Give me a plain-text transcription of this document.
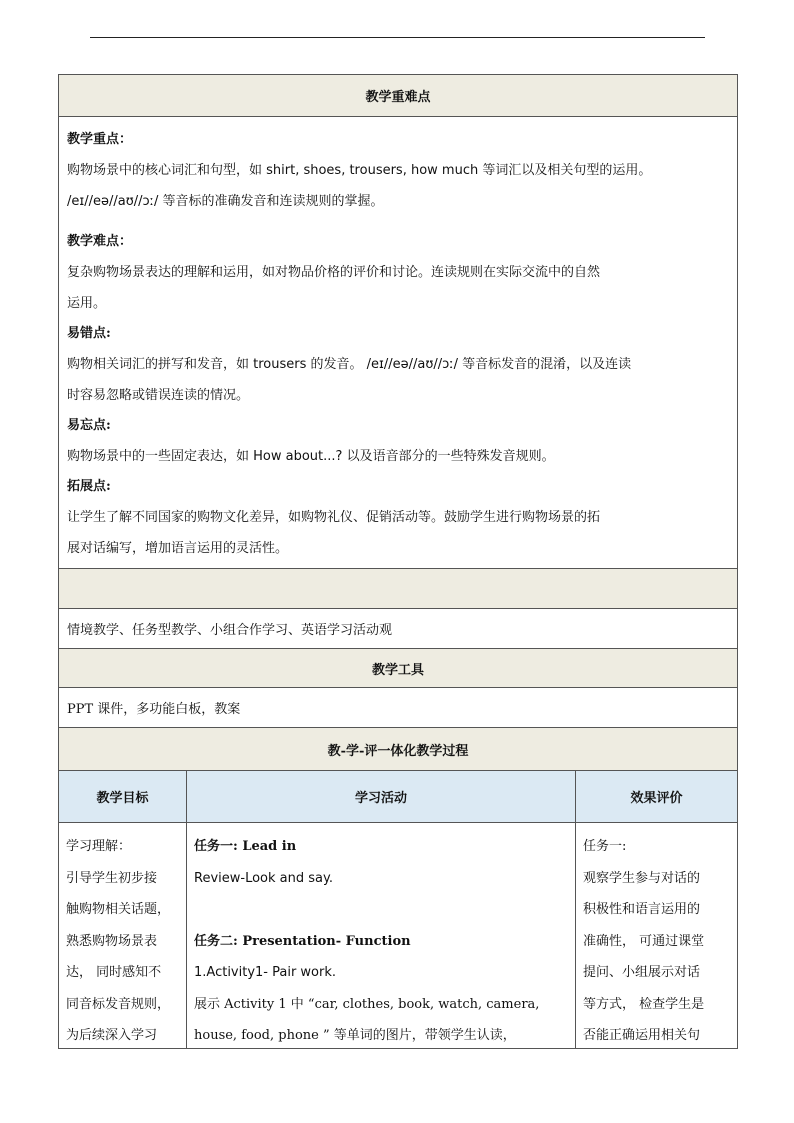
教学重难点
教学重点：
购物场景中的核心词汇和句型，如 shirt, shoes, trousers, how much 等词汇以及相关句型的运用。
/eɪ//eə//aʊ//ɔː/ 等音标的准确发音和连读规则的掌握。
教学难点：
复杂购物场景表达的理解和运用，如对物品价格的评价和讨论。连读规则在实际交流中的自然
运用。
易错点:
购物相关词汇的拼写和发音，如 trousers 的发音。 /eɪ//eə//aʊ//ɔː/ 等音标发音的混淆，以及连读
时容易忽略或错误连读的情况。
易忘点:
购物场景中的一些固定表达，如 How about...? 以及语音部分的一些特殊发音规则。
拓展点:
让学生了解不同国家的购物文化差异，如购物礼仪、促销活动等。鼓励学生进行购物场景的拓
展对话编写，增加语言运用的灵活性。
情境教学、任务型教学、小组合作学习、英语学习活动观
教学工具
PPT 课件，多功能白板，教案
教-学-评一体化教学过程
教学目标	学习活动	效果评价
学习理解：
引导学生初步接
触购物相关话题，
熟悉购物场景表
达， 同时感知不
同音标发音规则，
为后续深入学习
任务一: Lead in
Review-Look and say.
任务二: Presentation- Function
1.Activity1- Pair work.
展示 Activity 1 中 “car, clothes, book, watch, camera,
house, food, phone ” 等单词的图片，带领学生认读，
任务一:
观察学生参与对话的
积极性和语言运用的
准确性， 可通过课堂
提问、小组展示对话
等方式， 检查学生是
否能正确运用相关句
